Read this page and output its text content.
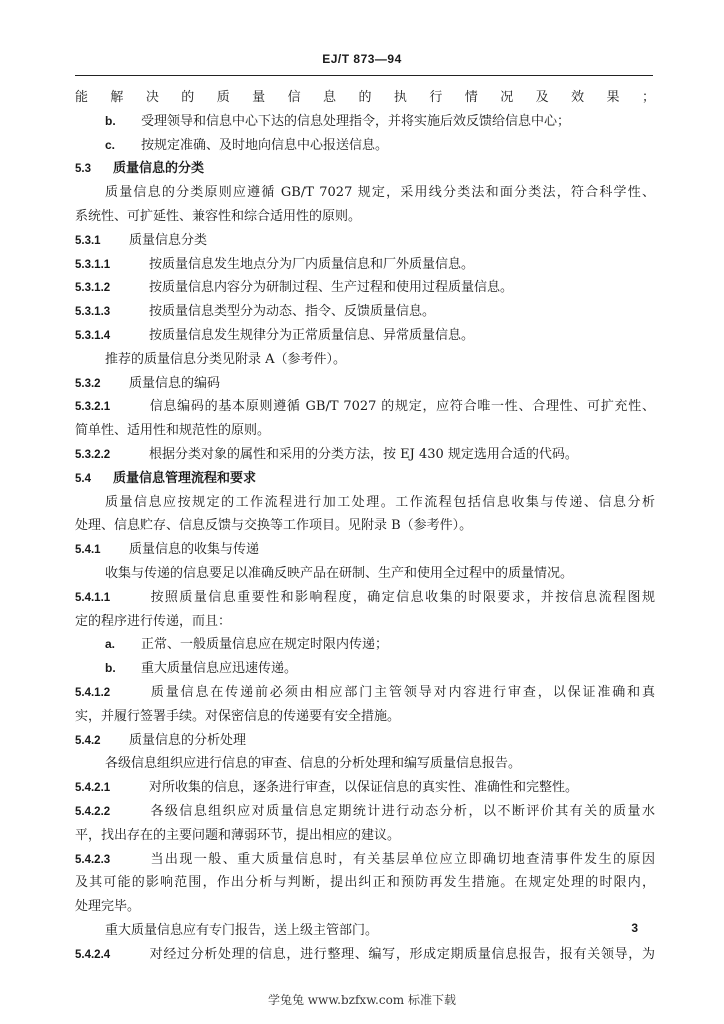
EJ/T 873—94
能解决的质量信息的执行情况及效果；
b. 受理领导和信息中心下达的信息处理指令，并将实施后效反馈给信息中心；
c. 按规定准确、及时地向信息中心报送信息。
5.3 质量信息的分类
质量信息的分类原则应遵循 GB/T 7027 规定，采用线分类法和面分类法，符合科学性、
系统性、可扩延性、兼容性和综合适用性的原则。
5.3.1 质量信息分类
5.3.1.1	按质量信息发生地点分为厂内质量信息和厂外质量信息。
5.3.1.2	按质量信息内容分为研制过程、生产过程和使用过程质量信息。
5.3.1.3	按质量信息类型分为动态、指令、反馈质量信息。
5.3.1.4	按质量信息发生规律分为正常质量信息、异常质量信息。
推荐的质量信息分类见附录 A（参考件）。
5.3.2 质量信息的编码
5.3.2.1	信息编码的基本原则遵循 GB/T 7027 的规定，应符合唯一性、合理性、可扩充性、
简单性、适用性和规范性的原则。
5.3.2.2	根据分类对象的属性和采用的分类方法，按 EJ 430 规定选用合适的代码。
5.4 质量信息管理流程和要求
质量信息应按规定的工作流程进行加工处理。工作流程包括信息收集与传递、信息分析
处理、信息贮存、信息反馈与交换等工作项目。见附录 B（参考件）。
5.4.1 质量信息的收集与传递
收集与传递的信息要足以准确反映产品在研制、生产和使用全过程中的质量情况。
5.4.1.1	按照质量信息重要性和影响程度，确定信息收集的时限要求，并按信息流程图规
定的程序进行传递，而且：
a. 正常、一般质量信息应在规定时限内传递；
b. 重大质量信息应迅速传递。
5.4.1.2	质量信息在传递前必须由相应部门主管领导对内容进行审查，以保证准确和真
实，并履行签署手续。对保密信息的传递要有安全措施。
5.4.2 质量信息的分析处理
各级信息组织应进行信息的审查、信息的分析处理和编写质量信息报告。
5.4.2.1	对所收集的信息，逐条进行审查，以保证信息的真实性、准确性和完整性。
5.4.2.2	各级信息组织应对质量信息定期统计进行动态分析，以不断评价其有关的质量水
平，找出存在的主要问题和薄弱环节，提出相应的建议。
5.4.2.3	当出现一般、重大质量信息时，有关基层单位应立即确切地查清事件发生的原因
及其可能的影响范围，作出分析与判断，提出纠正和预防再发生措施。在规定处理的时限内，
处理完毕。
重大质量信息应有专门报告，送上级主管部门。
5.4.2.4	对经过分析处理的信息，进行整理、编写，形成定期质量信息报告，报有关领导，为
3
学兔兔 www.bzfxw.com 标准下载
